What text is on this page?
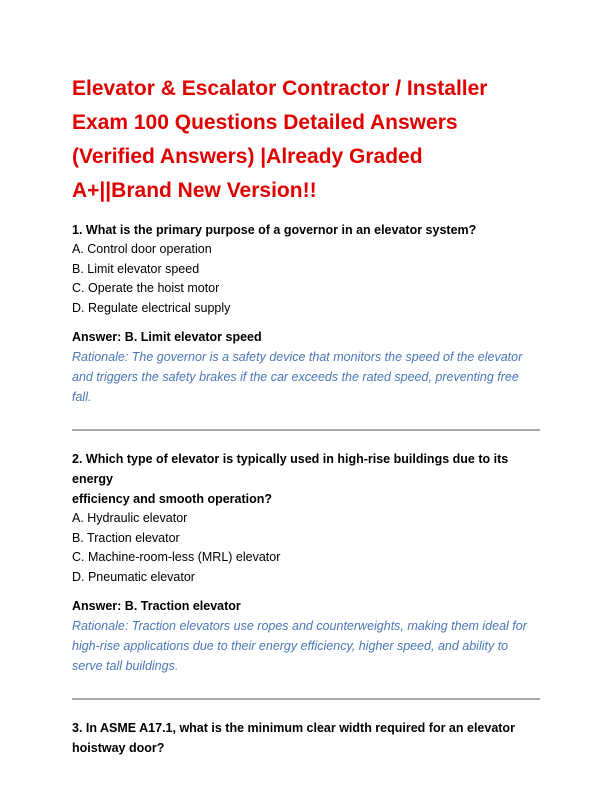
Elevator & Escalator Contractor / Installer
Exam 100 Questions Detailed Answers
(Verified Answers) |Already Graded
A+||Brand New Version!!

1. What is the primary purpose of a governor in an elevator system?

A. Control door operation
B. Limit elevator speed
C. Operate the hoist motor
D. Regulate electrical supply

Answer: B. Limit elevator speed

Rationale: The governor is a safety device that monitors the speed of the elevator
and triggers the safety brakes if the car exceeds the rated speed, preventing free
fall.

2. Which type of elevator is typically used in high-rise buildings due to its energy
efficiency and smooth operation?

A. Hydraulic elevator
B. Traction elevator
C. Machine-room-less (MRL) elevator
D. Pneumatic elevator

Answer: B. Traction elevator

Rationale: Traction elevators use ropes and counterweights, making them ideal for
high-rise applications due to their energy efficiency, higher speed, and ability to
serve tall buildings.

3. In ASME A17.1, what is the minimum clear width required for an elevator
hoistway door?
